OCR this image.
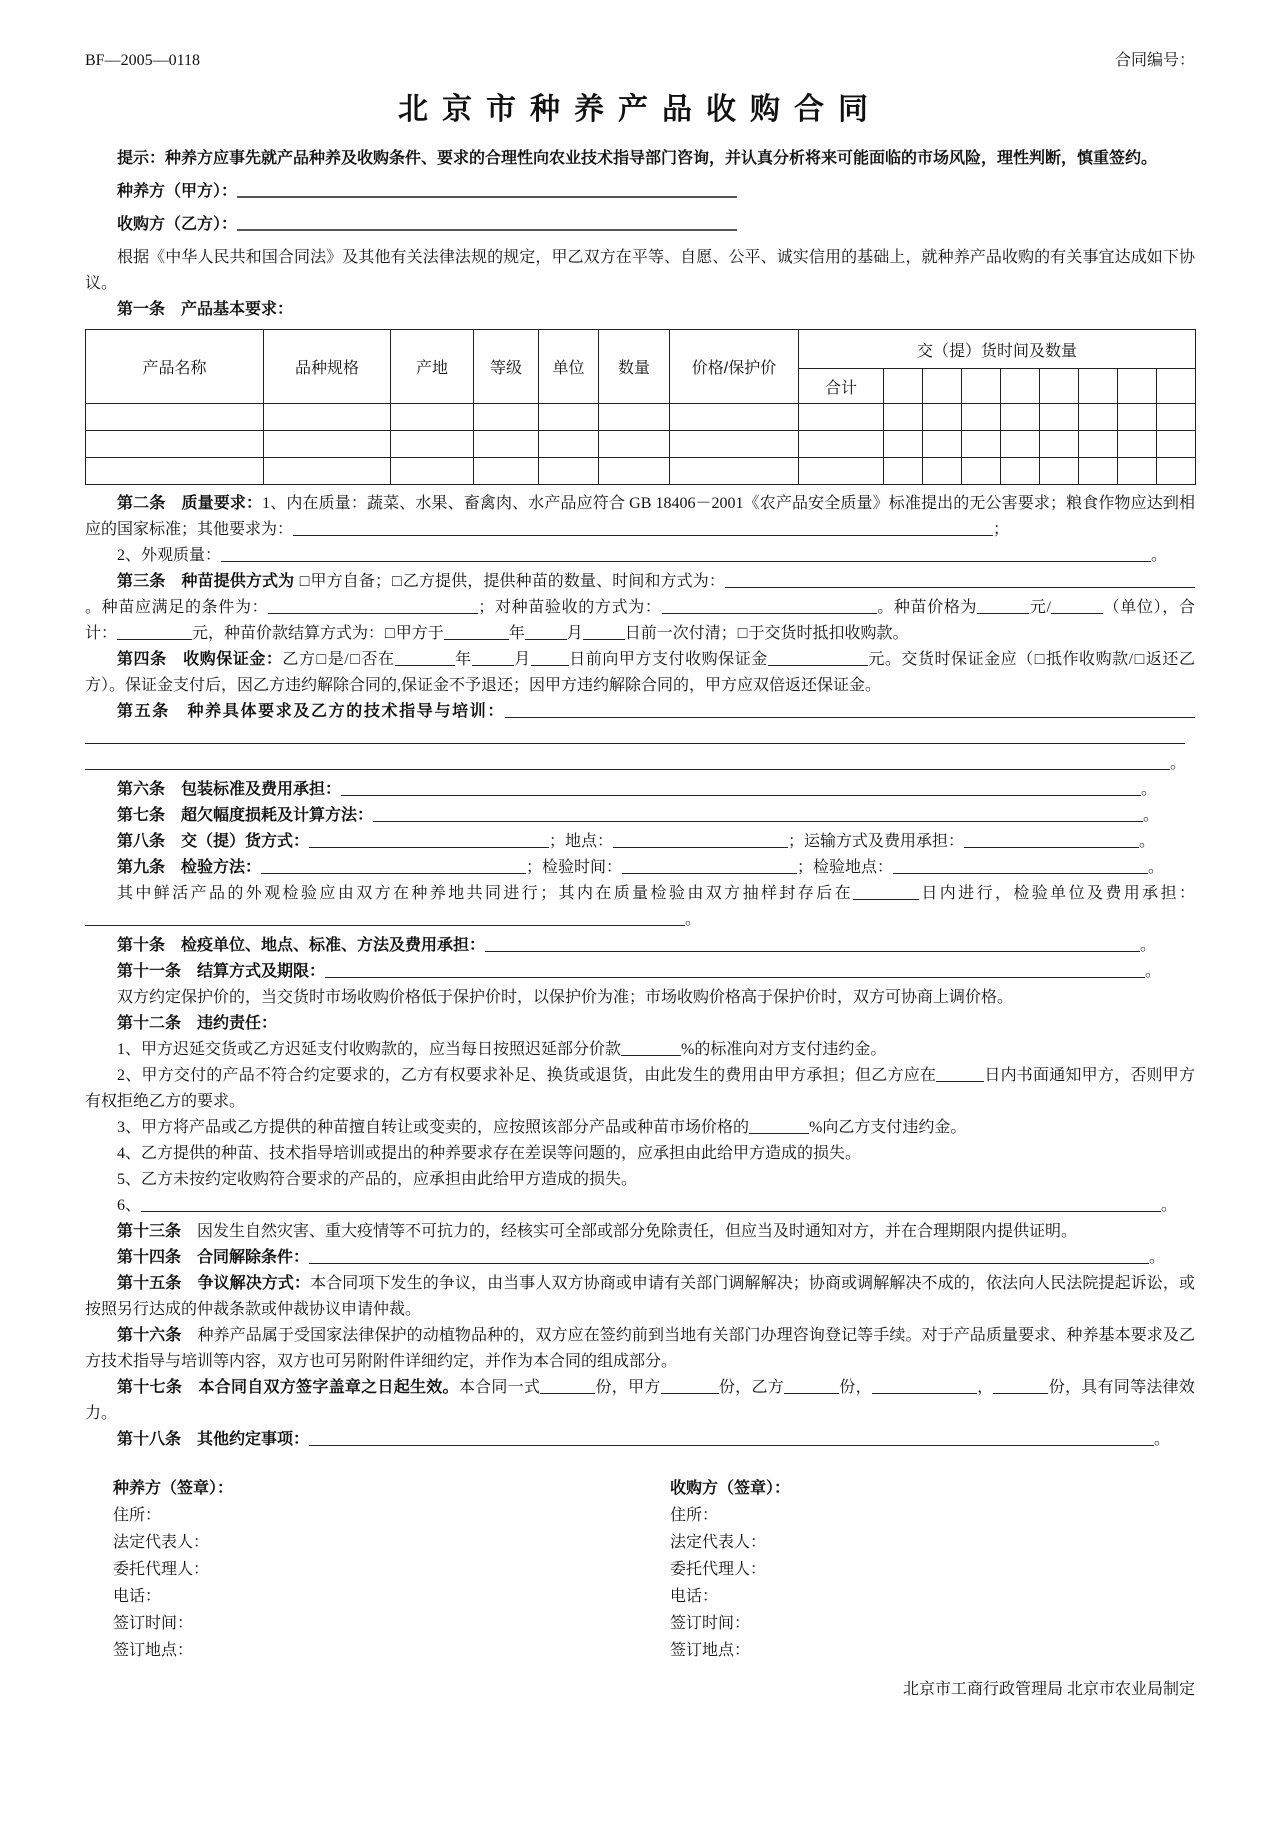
BF—2005—0118	合同编号：
北京市种养产品收购合同

提示：种养方应事先就产品种养及收购条件、要求的合理性向农业技术指导部门咨询，并认真分析将来可能面临的市场风险，理性判断，慎重签约。

种养方（甲方）：

收购方（乙方）：

根据《中华人民共和国合同法》及其他有关法律法规的规定，甲乙双方在平等、自愿、公平、诚实信用的基础上，就种养产品收购的有关事宜达成如下协议。

第一条　产品基本要求：

产品名称	品种规格	产地	等级	单位	数量	价格/保护价	交（提）货时间及数量								
							合计								

第二条　质量要求：1、内在质量：蔬菜、水果、畜禽肉、水产品应符合 GB 18406－2001《农产品安全质量》标准提出的无公害要求；粮食作物应达到相应的国家标准；其他要求为：	；

2、外观质量：	。

第三条　种苗提供方式为 □甲方自备；□乙方提供，提供种苗的数量、时间和方式为：。种苗应满足的条件为：	；对种苗验收的方式为：	。种苗价格为	元/	（单位），合计：	元，种苗价款结算方式为：□甲方于	年	月	日前一次付清；□于交货时抵扣收购款。

第四条　收购保证金：乙方□是/□否在	年	月 日前向甲方支付收购保证金	元。交货时保证金应（□抵作收购款/□返还乙方）。保证金支付后，因乙方违约解除合同的,保证金不予退还；因甲方违约解除合同的，甲方应双倍返还保证金。

第五条　种养具体要求及乙方的技术指导与培训：。

第六条　包装标准及费用承担：	。

第七条　超欠幅度损耗及计算方法：	。

第八条　交（提）货方式：	；地点：	；运输方式及费用承担：	。

第九条　检验方法：	；检验时间：	；检验地点：	。

其中鲜活产品的外观检验应由双方在种养地共同进行；其内在质量检验由双方抽样封存后在	日内进行，检验单位及费用承担：。

第十条　检疫单位、地点、标准、方法及费用承担：	。

第十一条　结算方式及期限：	。

双方约定保护价的，当交货时市场收购价格低于保护价时，以保护价为准；市场收购价格高于保护价时，双方可协商上调价格。

第十二条　违约责任：

1、甲方迟延交货或乙方迟延支付收购款的，应当每日按照迟延部分价款	%的标准向对方支付违约金。

2、甲方交付的产品不符合约定要求的，乙方有权要求补足、换货或退货，由此发生的费用由甲方承担；但乙方应在	日内书面通知甲方，否则甲方有权拒绝乙方的要求。

3、甲方将产品或乙方提供的种苗擅自转让或变卖的，应按照该部分产品或种苗市场价格的	%向乙方支付违约金。

4、乙方提供的种苗、技术指导培训或提出的种养要求存在差误等问题的，应承担由此给甲方造成的损失。

5、乙方未按约定收购符合要求的产品的，应承担由此给甲方造成的损失。

6、	。

第十三条　因发生自然灾害、重大疫情等不可抗力的，经核实可全部或部分免除责任，但应当及时通知对方，并在合理期限内提供证明。

第十四条　合同解除条件：	。

第十五条　争议解决方式：本合同项下发生的争议，由当事人双方协商或申请有关部门调解解决；协商或调解解决不成的，依法向人民法院提起诉讼，或按照另行达成的仲裁条款或仲裁协议申请仲裁。

第十六条　种养产品属于受国家法律保护的动植物品种的，双方应在签约前到当地有关部门办理咨询登记等手续。对于产品质量要求、种养基本要求及乙方技术指导与培训等内容，双方也可另附附件详细约定，并作为本合同的组成部分。

第十七条　本合同自双方签字盖章之日起生效。本合同一式	份，甲方	份，乙方	份，	，	份，具有同等法律效力。

第十八条　其他约定事项：	。

种养方（签章）：
住所：
法定代表人：
委托代理人：
电话：
签订时间：
签订地点：
收购方（签章）：
住所：
法定代表人：
委托代理人：
电话：
签订时间：
签订地点：
北京市工商行政管理局 北京市农业局制定
